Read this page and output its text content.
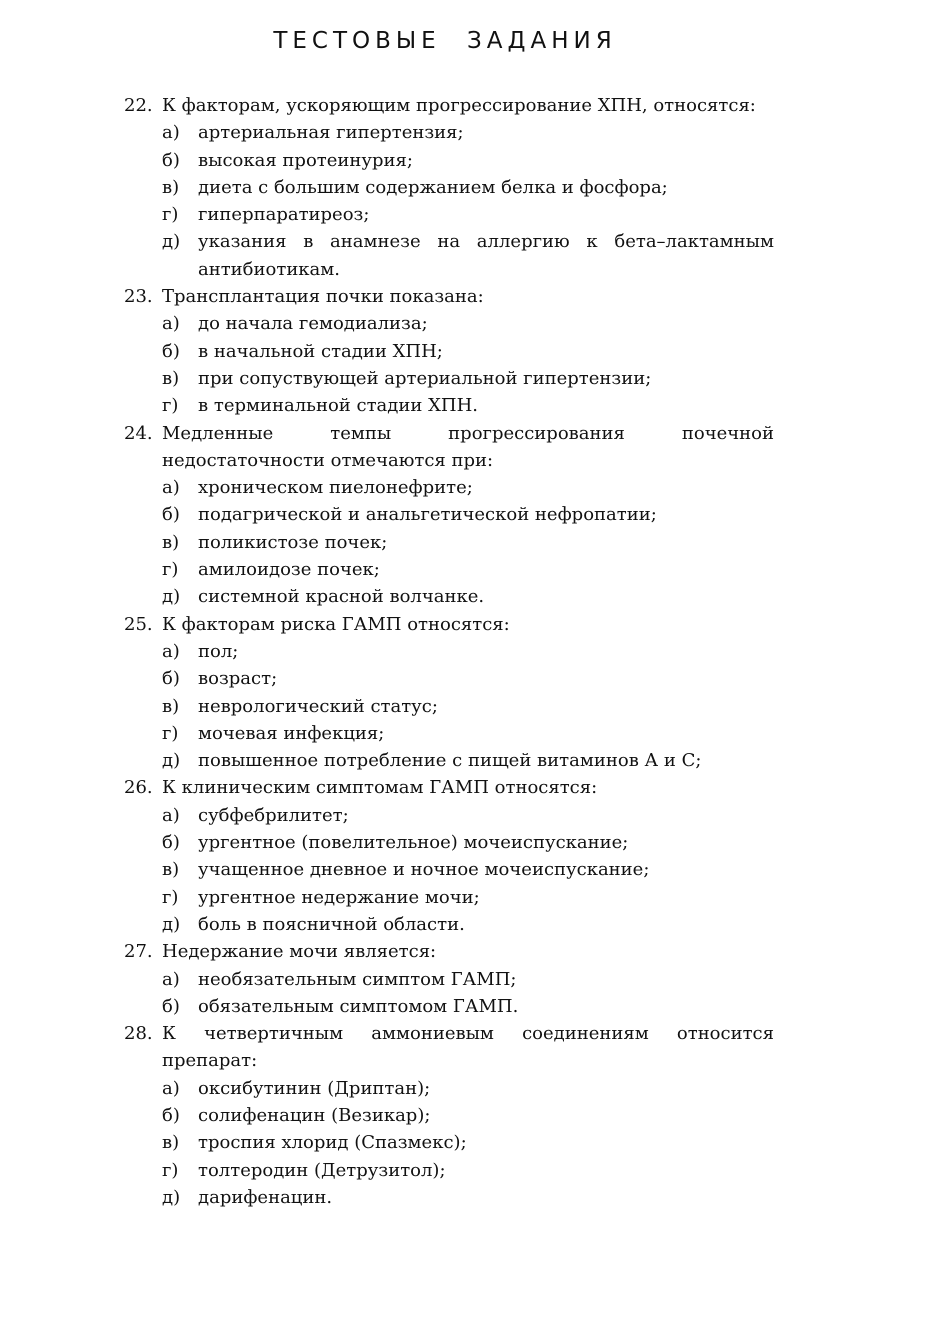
ТЕСТОВЫЕ ЗАДАНИЯ
22. К факторам, ускоряющим прогрессирование ХПН, относятся:
а) артериальная гипертензия;
б) высокая протеинурия;
в) диета с большим содержанием белка и фосфора;
г) гиперпаратиреоз;
д) указания в анамнезе на аллергию к бета–лактамным антибиотикам.
23. Трансплантация почки показана:
а) до начала гемодиализа;
б) в начальной стадии ХПН;
в) при сопуствующей артериальной гипертензии;
г) в терминальной стадии ХПН.
24. Медленные темпы прогрессирования почечной недостаточности отмечаются при:
а) хроническом пиелонефрите;
б) подагрической и анальгетической нефропатии;
в) поликистозе почек;
г) амилоидозе почек;
д) системной красной волчанке.
25. К факторам риска ГАМП относятся:
а) пол;
б) возраст;
в) неврологический статус;
г) мочевая инфекция;
д) повышенное потребление с пищей витаминов А и С;
26. К клиническим симптомам ГАМП относятся:
а) субфебрилитет;
б) ургентное (повелительное) мочеиспускание;
в) учащенное дневное и ночное мочеиспускание;
г) ургентное недержание мочи;
д) боль в поясничной области.
27. Недержание мочи является:
а) необязательным симптом ГАМП;
б) обязательным симптомом ГАМП.
28. К четвертичным аммониевым соединениям относится препарат:
а) оксибутинин (Дриптан);
б) солифенацин (Везикар);
в) троспия хлорид (Спазмекс);
г) толтеродин (Детрузитол);
д) дарифенацин.
